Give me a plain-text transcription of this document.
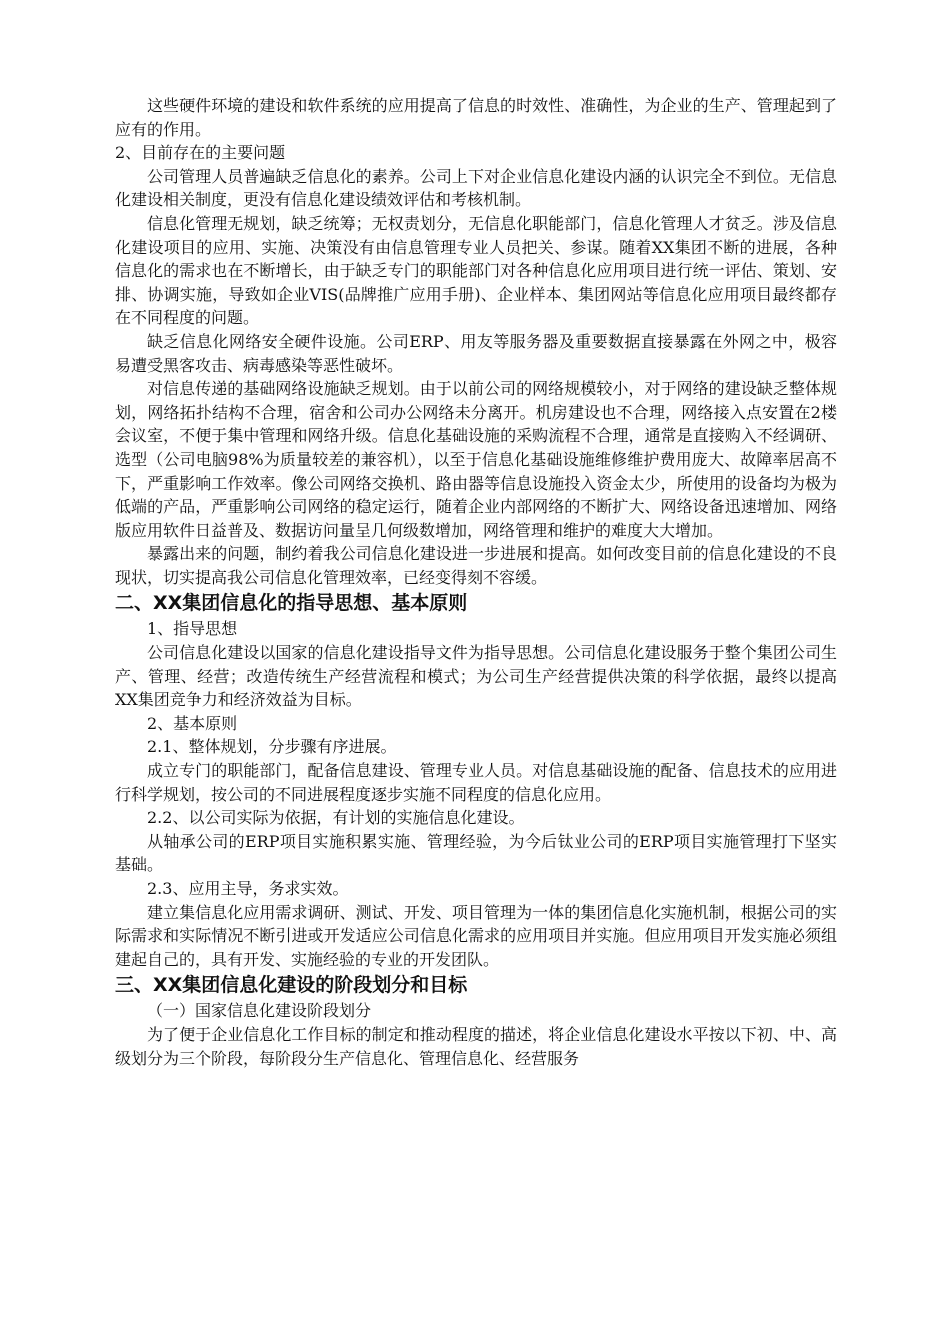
这些硬件环境的建设和软件系统的应用提高了信息的时效性、准确性，为企业的生产、管理起到了应有的作用。

2、目前存在的主要问题

公司管理人员普遍缺乏信息化的素养。公司上下对企业信息化建设内涵的认识完全不到位。无信息化建设相关制度，更没有信息化建设绩效评估和考核机制。

信息化管理无规划，缺乏统筹；无权责划分，无信息化职能部门，信息化管理人才贫乏。涉及信息化建设项目的应用、实施、决策没有由信息管理专业人员把关、参谋。随着XX集团不断的进展，各种信息化的需求也在不断增长，由于缺乏专门的职能部门对各种信息化应用项目进行统一评估、策划、安排、协调实施，导致如企业VIS(品牌推广应用手册)、企业样本、集团网站等信息化应用项目最终都存在不同程度的问题。

缺乏信息化网络安全硬件设施。公司ERP、用友等服务器及重要数据直接暴露在外网之中，极容易遭受黑客攻击、病毒感染等恶性破坏。

对信息传递的基础网络设施缺乏规划。由于以前公司的网络规模较小，对于网络的建设缺乏整体规划，网络拓扑结构不合理，宿舍和公司办公网络未分离开。机房建设也不合理，网络接入点安置在2楼会议室，不便于集中管理和网络升级。信息化基础设施的采购流程不合理，通常是直接购入不经调研、选型（公司电脑98%为质量较差的兼容机），以至于信息化基础设施维修维护费用庞大、故障率居高不下，严重影响工作效率。像公司网络交换机、路由器等信息设施投入资金太少，所使用的设备均为极为低端的产品，严重影响公司网络的稳定运行，随着企业内部网络的不断扩大、网络设备迅速增加、网络版应用软件日益普及、数据访问量呈几何级数增加，网络管理和维护的难度大大增加。

暴露出来的问题，制约着我公司信息化建设进一步进展和提高。如何改变目前的信息化建设的不良现状，切实提高我公司信息化管理效率，已经变得刻不容缓。

二、XX集团信息化的指导思想、基本原则

1、指导思想

公司信息化建设以国家的信息化建设指导文件为指导思想。公司信息化建设服务于整个集团公司生产、管理、经营；改造传统生产经营流程和模式；为公司生产经营提供决策的科学依据，最终以提高XX集团竞争力和经济效益为目标。

2、基本原则

2.1、整体规划，分步骤有序进展。

成立专门的职能部门，配备信息建设、管理专业人员。对信息基础设施的配备、信息技术的应用进行科学规划，按公司的不同进展程度逐步实施不同程度的信息化应用。

2.2、以公司实际为依据，有计划的实施信息化建设。

从轴承公司的ERP项目实施积累实施、管理经验，为今后钛业公司的ERP项目实施管理打下坚实基础。

2.3、应用主导，务求实效。

建立集信息化应用需求调研、测试、开发、项目管理为一体的集团信息化实施机制，根据公司的实际需求和实际情况不断引进或开发适应公司信息化需求的应用项目并实施。但应用项目开发实施必须组建起自己的，具有开发、实施经验的专业的开发团队。

三、XX集团信息化建设的阶段划分和目标

（一）国家信息化建设阶段划分

为了便于企业信息化工作目标的制定和推动程度的描述，将企业信息化建设水平按以下初、中、高级划分为三个阶段，每阶段分生产信息化、管理信息化、经营服务
